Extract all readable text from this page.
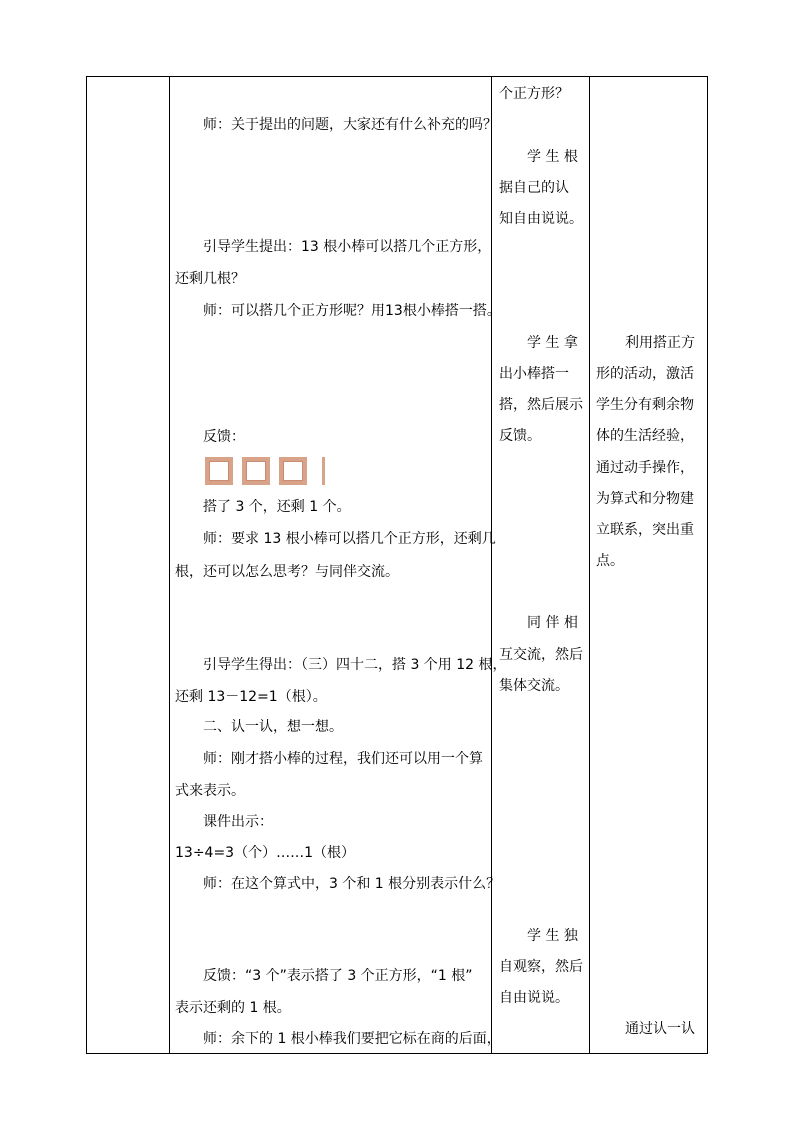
师：关于提出的问题，大家还有什么补充的吗？
引导学生提出：13 根小棒可以搭几个正方形，
还剩几根？
师：可以搭几个正方形呢？用13根小棒搭一搭。
反馈：
搭了 3 个，还剩 1 个。
师：要求 13 根小棒可以搭几个正方形，还剩几
根，还可以怎么思考？与同伴交流。
引导学生得出：（三）四十二，搭 3 个用 12 根，
还剩 13－12=1（根）。
二、认一认，想一想。
师：刚才搭小棒的过程，我们还可以用一个算
式来表示。
课件出示：
13÷4=3（个）……1（根）
师：在这个算式中，3 个和 1 根分别表示什么？
反馈：“3 个”表示搭了 3 个正方形，“1 根”
表示还剩的 1 根。
师：余下的 1 根小棒我们要把它标在商的后面，
个正方形？
学 生 根
据自己的认
知自由说说。
学 生 拿
出小棒搭一
搭，然后展示
反馈。
同 伴 相
互交流，然后
集体交流。
学 生 独
自观察，然后
自由说说。
利用搭正方
形的活动，激活
学生分有剩余物
体的生活经验，
通过动手操作，
为算式和分物建
立联系，突出重
点。
通过认一认
